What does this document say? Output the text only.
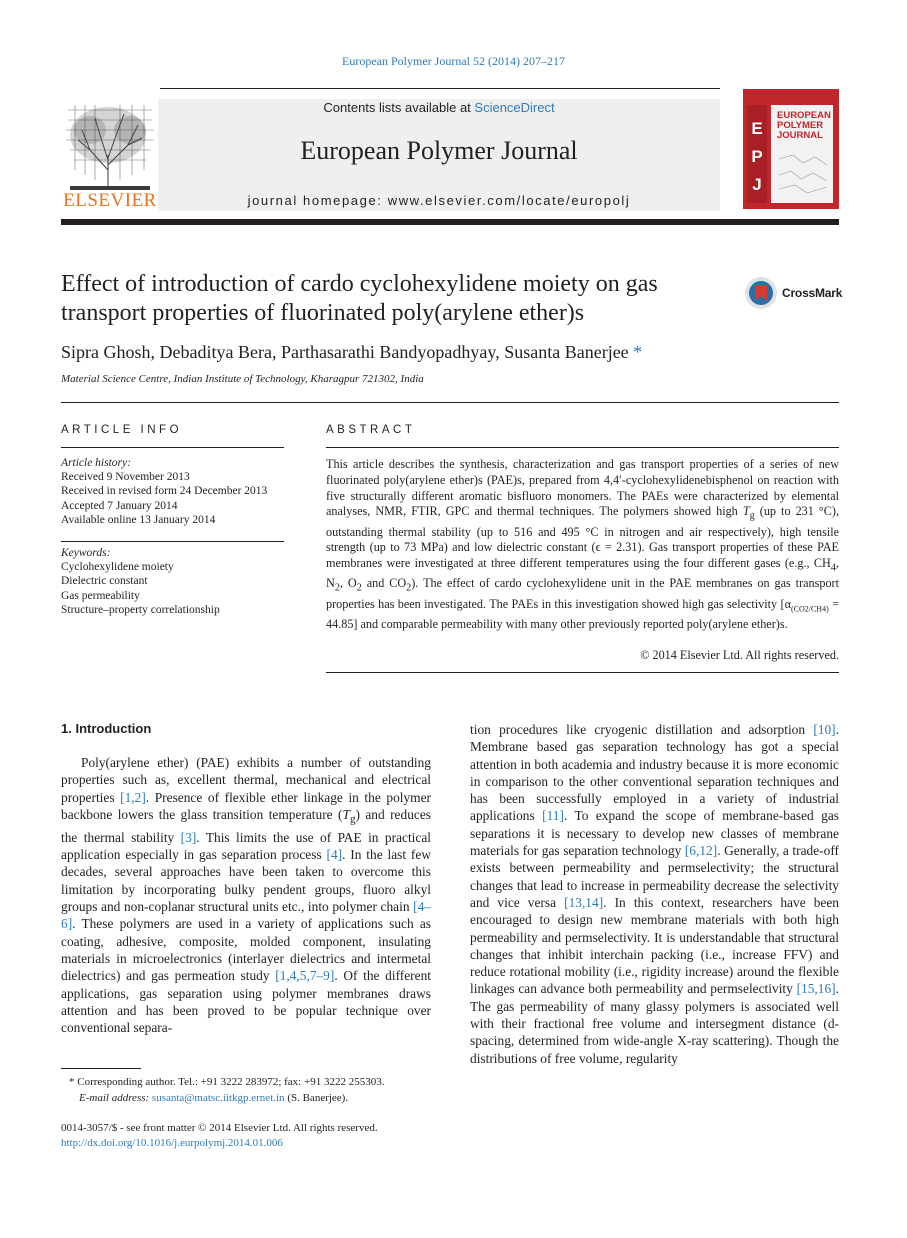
European Polymer Journal 52 (2014) 207–217
Contents lists available at ScienceDirect
European Polymer Journal
journal homepage: www.elsevier.com/locate/europolj
ELSEVIER
EUROPEAN
POLYMER
JOURNAL
E
P
J
Effect of introduction of cardo cyclohexylidene moiety on gas
transport properties of fluorinated poly(arylene ether)s
CrossMark
Sipra Ghosh, Debaditya Bera, Parthasarathi Bandyopadhyay, Susanta Banerjee *
Material Science Centre, Indian Institute of Technology, Kharagpur 721302, India
ARTICLE INFO
Article history:
Received 9 November 2013
Received in revised form 24 December 2013
Accepted 7 January 2014
Available online 13 January 2014
Keywords:
Cyclohexylidene moiety
Dielectric constant
Gas permeability
Structure–property correlationship
ABSTRACT
This article describes the synthesis, characterization and gas transport properties of a series of new fluorinated poly(arylene ether)s (PAE)s, prepared from 4,4′-cyclohexylidenebisphenol on reaction with five structurally different aromatic bisfluoro monomers. The PAEs were characterized by elemental analyses, NMR, FTIR, GPC and thermal techniques. The polymers showed high $T_g$ (up to 231 °C), outstanding thermal stability (up to 516 and 495 °C in nitrogen and air respectively), high tensile strength (up to 73 MPa) and low dielectric constant (ϵ = 2.31). Gas transport properties of these PAE membranes were investigated at three different temperatures using the four different gases (e.g., $CH_4$, $N_2$, $O_2$ and $CO_2$). The effect of cardo cyclohexylidene unit in the PAE membranes on gas transport properties has been investigated. The PAEs in this investigation showed high gas selectivity $[\alpha_{(CO2/CH4)} = 44.85]$ and comparable permeability with many other previously reported poly(arylene ether)s.
© 2014 Elsevier Ltd. All rights reserved.
1. Introduction
Poly(arylene ether) (PAE) exhibits a number of outstanding properties such as, excellent thermal, mechanical and electrical properties [1,2]. Presence of flexible ether linkage in the polymer backbone lowers the glass transition temperature $(T_g)$ and reduces the thermal stability [3]. This limits the use of PAE in practical application especially in gas separation process [4]. In the last few decades, several approaches have been taken to overcome this limitation by incorporating bulky pendent groups, fluoro alkyl groups and non-coplanar structural units etc., into polymer chain [4–6]. These polymers are used in a variety of applications such as coating, adhesive, composite, molded component, insulating materials in microelectronics (interlayer dielectrics and intermetal dielectrics) and gas permeation study [1,4,5,7–9]. Of the different applications, gas separation using polymer membranes draws attention and has been proved to be popular technique over conventional separa-
tion procedures like cryogenic distillation and adsorption [10]. Membrane based gas separation technology has got a special attention in both academia and industry because it is more economic in comparison to the other conventional separation techniques and has been successfully employed in a variety of industrial applications [11]. To expand the scope of membrane-based gas separations it is necessary to develop new classes of membrane materials for gas separation technology [6,12]. Generally, a trade-off exists between permeability and permselectivity; the structural changes that lead to increase in permeability decrease the selectivity and vice versa [13,14]. In this context, researchers have been encouraged to design new membrane materials with both high permeability and permselectivity. It is understandable that structural changes that inhibit interchain packing (i.e., increase FFV) and reduce rotational mobility (i.e., rigidity increase) around the flexible linkages can advance both permeability and permselectivity [15,16]. The gas permeability of many glassy polymers is associated well with their fractional free volume and intersegment distance (d-spacing, determined from wide-angle X-ray scattering). Though the distributions of free volume, regularity
* Corresponding author. Tel.: +91 3222 283972; fax: +91 3222 255303.
E-mail address: susanta@matsc.iitkgp.ernet.in (S. Banerjee).
0014-3057/$ - see front matter © 2014 Elsevier Ltd. All rights reserved.
http://dx.doi.org/10.1016/j.eurpolymj.2014.01.006
